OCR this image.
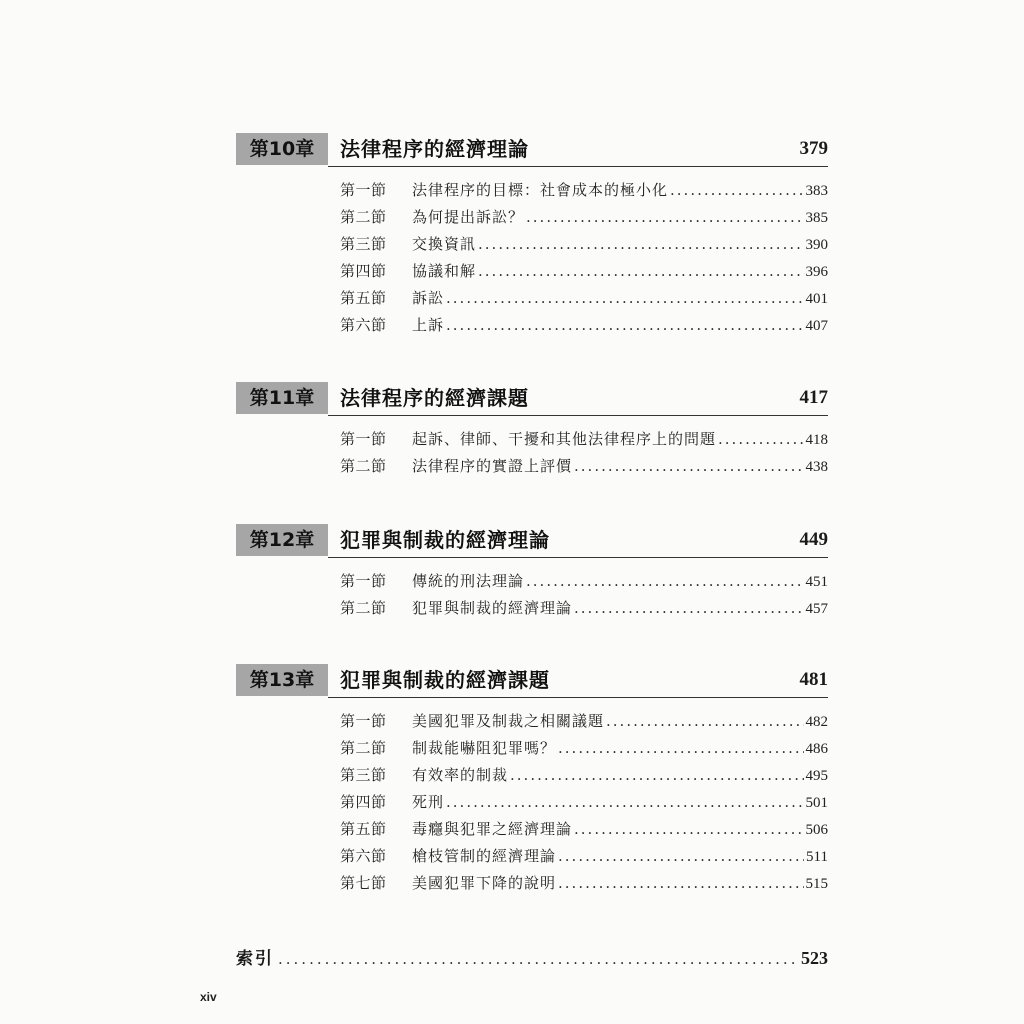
第10章	法律程序的經濟理論	379
第一節	法律程序的目標：社會成本的極小化 .....	383
第二節	為何提出訴訟？ .....	385
第三節	交換資訊 .....	390
第四節	協議和解 .....	396
第五節	訴訟 .....	401
第六節	上訴 .....	407
第11章	法律程序的經濟課題	417
第一節	起訴、律師、干擾和其他法律程序上的問題 .....	418
第二節	法律程序的實證上評價 .....	438
第12章	犯罪與制裁的經濟理論	449
第一節	傳統的刑法理論 .....	451
第二節	犯罪與制裁的經濟理論 .....	457
第13章	犯罪與制裁的經濟課題	481
第一節	美國犯罪及制裁之相關議題 .....	482
第二節	制裁能嚇阻犯罪嗎？ .....	486
第三節	有效率的制裁 .....	495
第四節	死刑 .....	501
第五節	毒癮與犯罪之經濟理論 .....	506
第六節	槍枝管制的經濟理論 .....	511
第七節	美國犯罪下降的說明 .....	515
索引 .....	523
xiv
